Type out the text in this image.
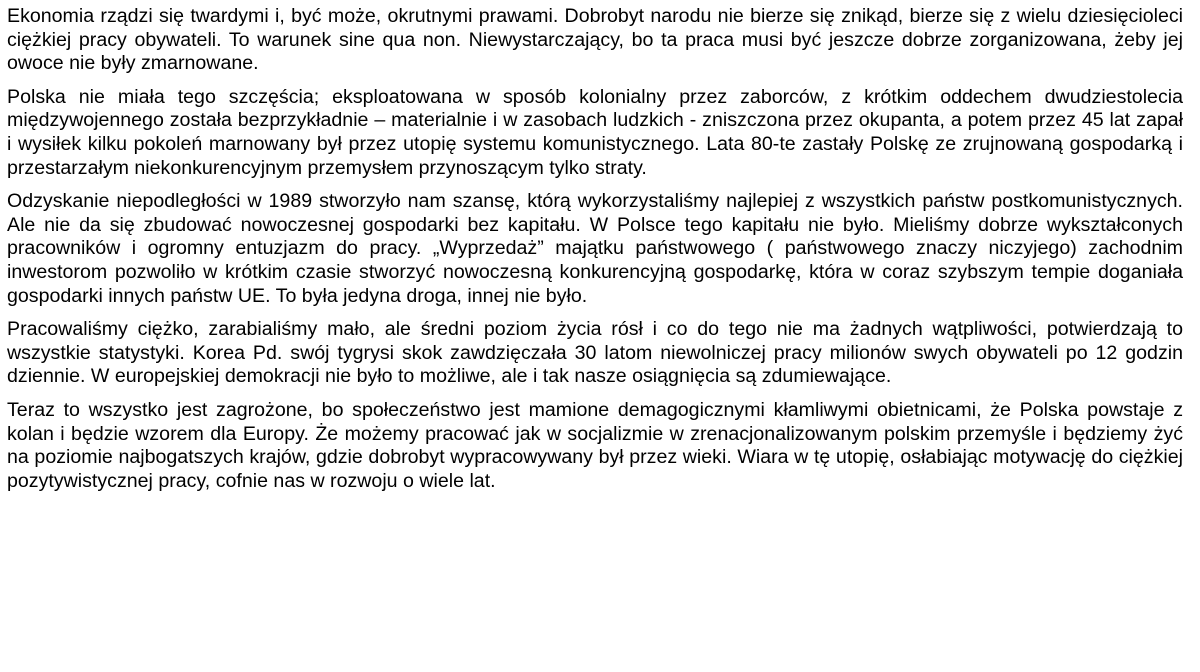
Ekonomia rządzi się twardymi i, być może, okrutnymi prawami. Dobrobyt narodu nie bierze się znikąd, bierze się z wielu dziesięcioleci ciężkiej pracy obywateli. To warunek sine qua non. Niewystarczający, bo ta praca musi być jeszcze dobrze zorganizowana, żeby jej owoce nie były zmarnowane.

Polska nie miała tego szczęścia; eksploatowana w sposób kolonialny przez zaborców, z krótkim oddechem dwudziestolecia międzywojennego została bezprzykładnie – materialnie i w zasobach ludzkich - zniszczona przez okupanta, a potem przez 45 lat zapał i wysiłek kilku pokoleń marnowany był przez utopię systemu komunistycznego. Lata 80-te zastały Polskę ze zrujnowaną gospodarką i przestarzałym niekonkurencyjnym przemysłem przynoszącym tylko straty.

Odzyskanie niepodległości w 1989 stworzyło nam szansę, którą wykorzystaliśmy najlepiej z wszystkich państw postkomunistycznych. Ale nie da się zbudować nowoczesnej gospodarki bez kapitału. W Polsce tego kapitału nie było. Mieliśmy dobrze wykształconych pracowników i ogromny entuzjazm do pracy. „Wyprzedaż” majątku państwowego ( państwowego znaczy niczyjego) zachodnim inwestorom pozwoliło w krótkim czasie stworzyć nowoczesną konkurencyjną gospodarkę, która w coraz szybszym tempie doganiała gospodarki innych państw UE. To była jedyna droga, innej nie było.

Pracowaliśmy ciężko, zarabialiśmy mało, ale średni poziom życia rósł i co do tego nie ma żadnych wątpliwości, potwierdzają to wszystkie statystyki. Korea Pd. swój tygrysi skok zawdzięczała 30 latom niewolniczej pracy milionów swych obywateli po 12 godzin dziennie. W europejskiej demokracji nie było to możliwe, ale i tak nasze osiągnięcia są zdumiewające.

Teraz to wszystko jest zagrożone, bo społeczeństwo jest mamione demagogicznymi kłamliwymi obietnicami, że Polska powstaje z kolan i będzie wzorem dla Europy. Że możemy pracować jak w socjalizmie w zrenacjonalizowanym polskim przemyśle i będziemy żyć na poziomie najbogatszych krajów, gdzie dobrobyt wypracowywany był przez wieki. Wiara w tę utopię, osłabiając motywację do ciężkiej pozytywistycznej pracy, cofnie nas w rozwoju o wiele lat.
